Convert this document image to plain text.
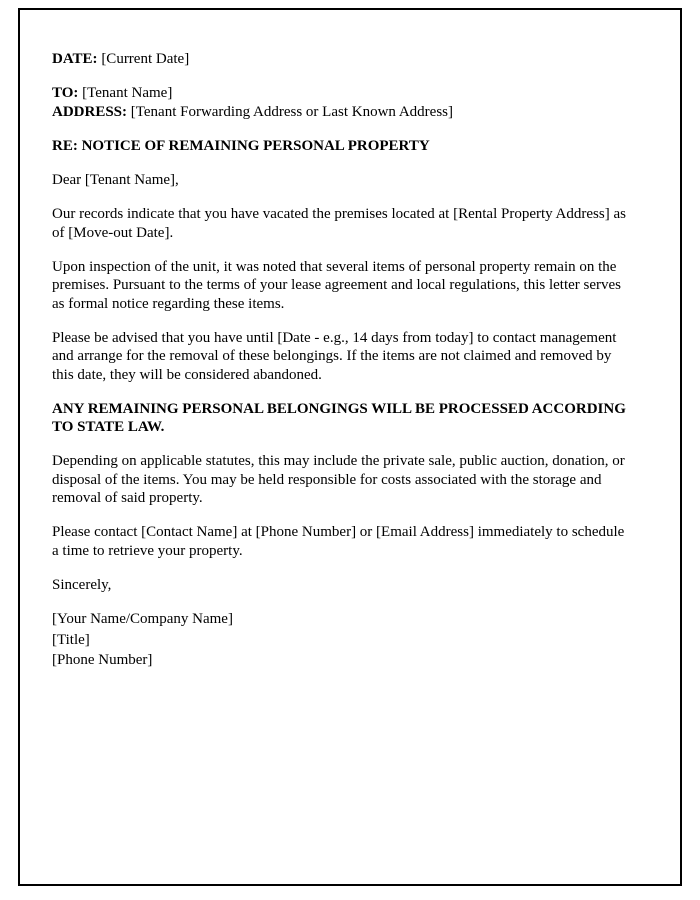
DATE: [Current Date]

TO: [Tenant Name]

ADDRESS: [Tenant Forwarding Address or Last Known Address]

RE: NOTICE OF REMAINING PERSONAL PROPERTY

Dear [Tenant Name],

Our records indicate that you have vacated the premises located at [Rental Property Address] as of [Move-out Date].

Upon inspection of the unit, it was noted that several items of personal property remain on the premises. Pursuant to the terms of your lease agreement and local regulations, this letter serves as formal notice regarding these items.

Please be advised that you have until [Date - e.g., 14 days from today] to contact management and arrange for the removal of these belongings. If the items are not claimed and removed by this date, they will be considered abandoned.

ANY REMAINING PERSONAL BELONGINGS WILL BE PROCESSED ACCORDING TO STATE LAW.

Depending on applicable statutes, this may include the private sale, public auction, donation, or disposal of the items. You may be held responsible for costs associated with the storage and removal of said property.

Please contact [Contact Name] at [Phone Number] or [Email Address] immediately to schedule a time to retrieve your property.

Sincerely,

[Your Name/Company Name]

[Title]

[Phone Number]
